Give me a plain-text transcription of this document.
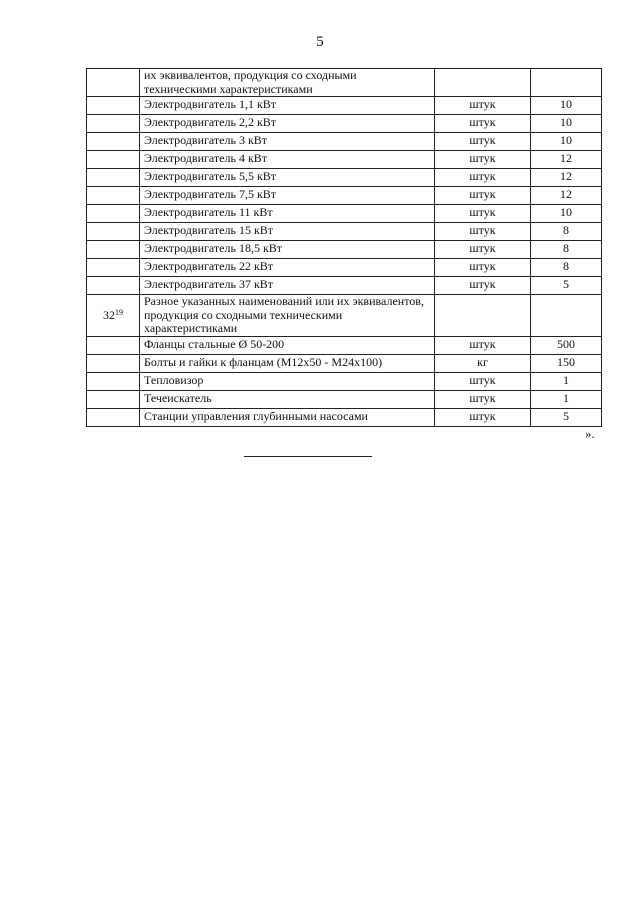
5
	их эквивалентов, продукция со сходными техническими характеристиками		
	Электродвигатель 1,1 кВт	штук	10
	Электродвигатель 2,2 кВт	штук	10
	Электродвигатель 3 кВт	штук	10
	Электродвигатель 4 кВт	штук	12
	Электродвигатель 5,5 кВт	штук	12
	Электродвигатель 7,5 кВт	штук	12
	Электродвигатель 11 кВт	штук	10
	Электродвигатель 15 кВт	штук	8
	Электродвигатель 18,5 кВт	штук	8
	Электродвигатель 22 кВт	штук	8
	Электродвигатель 37 кВт	штук	5
$32^{19}$	Разное указанных наименований или их эквивалентов, продукция со сходными техническими характеристиками		
	Фланцы стальные Ø 50-200	штук	500
	Болты и гайки к фланцам (М12х50 - М24х100)	кг	150
	Тепловизор	штук	1
	Течеискатель	штук	1
	Станции управления глубинными насосами	штук	5
».
